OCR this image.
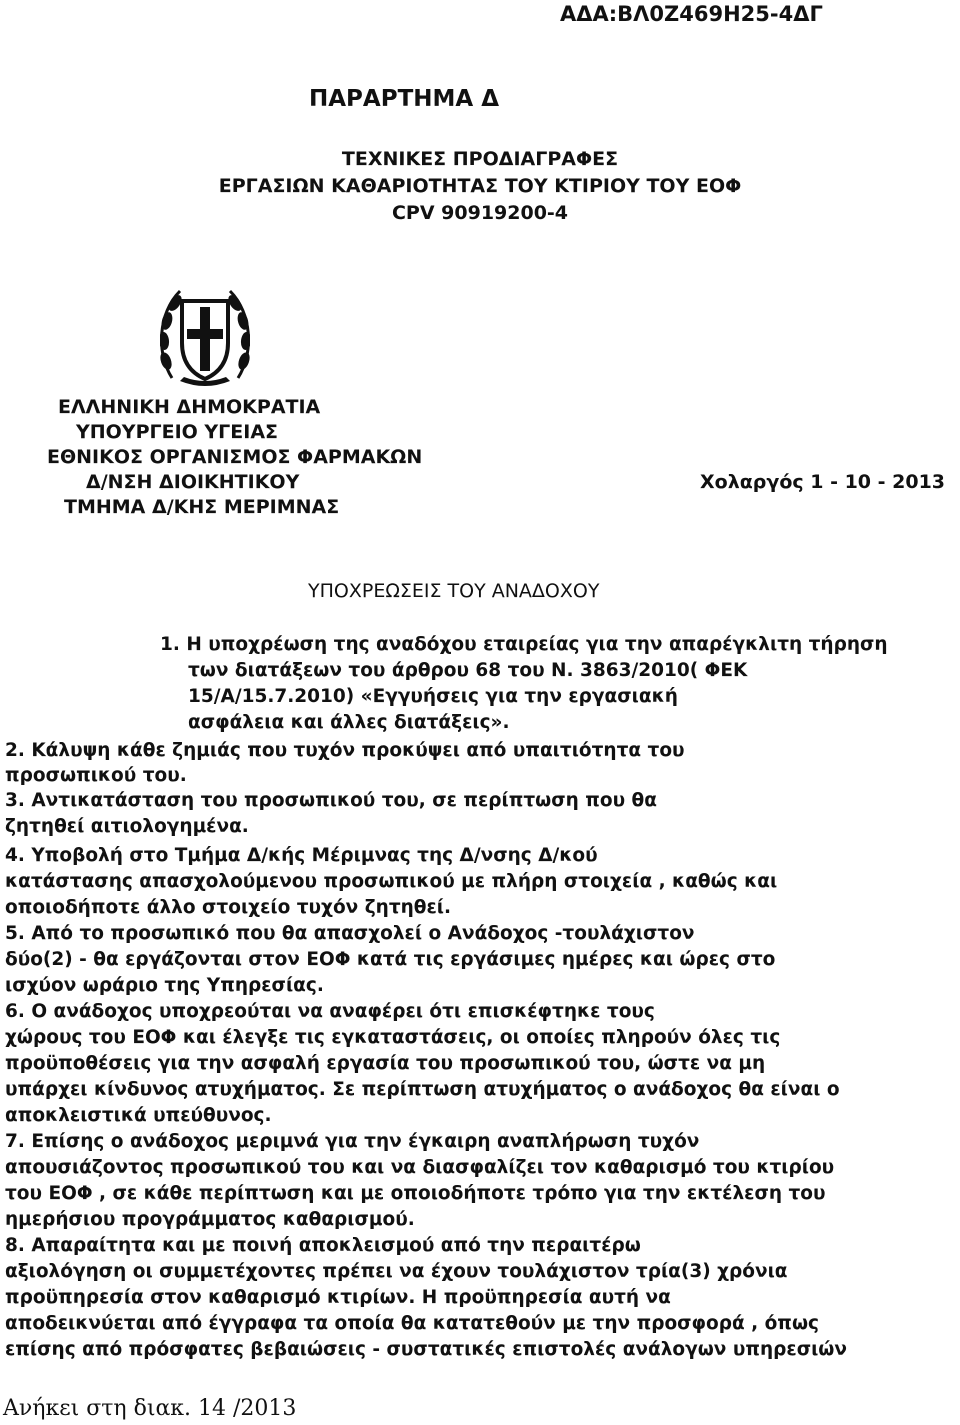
ΑΔΑ:ΒΛ0Ζ469Η25-4ΔΓ
ΠΑΡΑΡΤΗΜΑ Δ
ΤΕΧΝΙΚΕΣ ΠΡΟΔΙΑΓΡΑΦΕΣ
ΕΡΓΑΣΙΩΝ ΚΑΘΑΡΙΟΤΗΤΑΣ ΤΟΥ ΚΤΙΡΙΟΥ ΤΟΥ ΕΟΦ
CPV 90919200-4
ΕΛΛΗΝΙΚΗ ΔΗΜΟΚΡΑΤΙΑ
ΥΠΟΥΡΓΕΙΟ ΥΓΕΙΑΣ
ΕΘΝΙΚΟΣ ΟΡΓΑΝΙΣΜΟΣ ΦΑΡΜΑΚΩΝ
Δ/ΝΣΗ ΔΙΟΙΚΗΤΙΚΟΥ
ΤΜΗΜΑ Δ/ΚΗΣ ΜΕΡΙΜΝΑΣ
Χολαργός 1 - 10 - 2013
ΥΠΟΧΡΕΩΣΕΙΣ ΤΟΥ ΑΝΑΔΟΧΟΥ
1. Η υποχρέωση της αναδόχου εταιρείας για την απαρέγκλιτη τήρηση
των διατάξεων του άρθρου 68 του Ν. 3863/2010( ΦΕΚ
15/Α/15.7.2010) «Εγγυήσεις για την εργασιακή
ασφάλεια και άλλες διατάξεις».
2. Κάλυψη κάθε ζημιάς που τυχόν προκύψει από υπαιτιότητα του
προσωπικού του.
3. Αντικατάσταση του προσωπικού του, σε περίπτωση που θα
ζητηθεί αιτιολογημένα.
4. Υποβολή στο Τμήμα Δ/κής Μέριμνας της Δ/νσης Δ/κού
κατάστασης απασχολούμενου προσωπικού με πλήρη στοιχεία , καθώς και
οποιοδήποτε άλλο στοιχείο τυχόν ζητηθεί.
5. Από το προσωπικό που θα απασχολεί ο Ανάδοχος -τουλάχιστον
δύο(2) - θα εργάζονται στον ΕΟΦ κατά τις εργάσιμες ημέρες και ώρες στο
ισχύον ωράριο της Υπηρεσίας.
6. Ο ανάδοχος υποχρεούται να αναφέρει ότι επισκέφτηκε τους
χώρους του ΕΟΦ και έλεγξε τις εγκαταστάσεις, οι οποίες πληρούν όλες τις
προϋποθέσεις για την ασφαλή εργασία του προσωπικού του, ώστε να μη
υπάρχει κίνδυνος ατυχήματος. Σε περίπτωση ατυχήματος ο ανάδοχος θα είναι ο
αποκλειστικά υπεύθυνος.
7. Επίσης ο ανάδοχος μεριμνά για την έγκαιρη αναπλήρωση τυχόν
απουσιάζοντος προσωπικού του και να διασφαλίζει τον καθαρισμό του κτιρίου
του ΕΟΦ , σε κάθε περίπτωση και με οποιοδήποτε τρόπο για την εκτέλεση του
ημερήσιου προγράμματος καθαρισμού.
8. Απαραίτητα και με ποινή αποκλεισμού από την περαιτέρω
αξιολόγηση οι συμμετέχοντες πρέπει να έχουν τουλάχιστον τρία(3) χρόνια
προϋπηρεσία στον καθαρισμό κτιρίων. Η προϋπηρεσία αυτή να
αποδεικνύεται από έγγραφα τα οποία θα κατατεθούν με την προσφορά , όπως
επίσης από πρόσφατες βεβαιώσεις - συστατικές επιστολές ανάλογων υπηρεσιών
Ανήκει στη διακ. 14 /2013
